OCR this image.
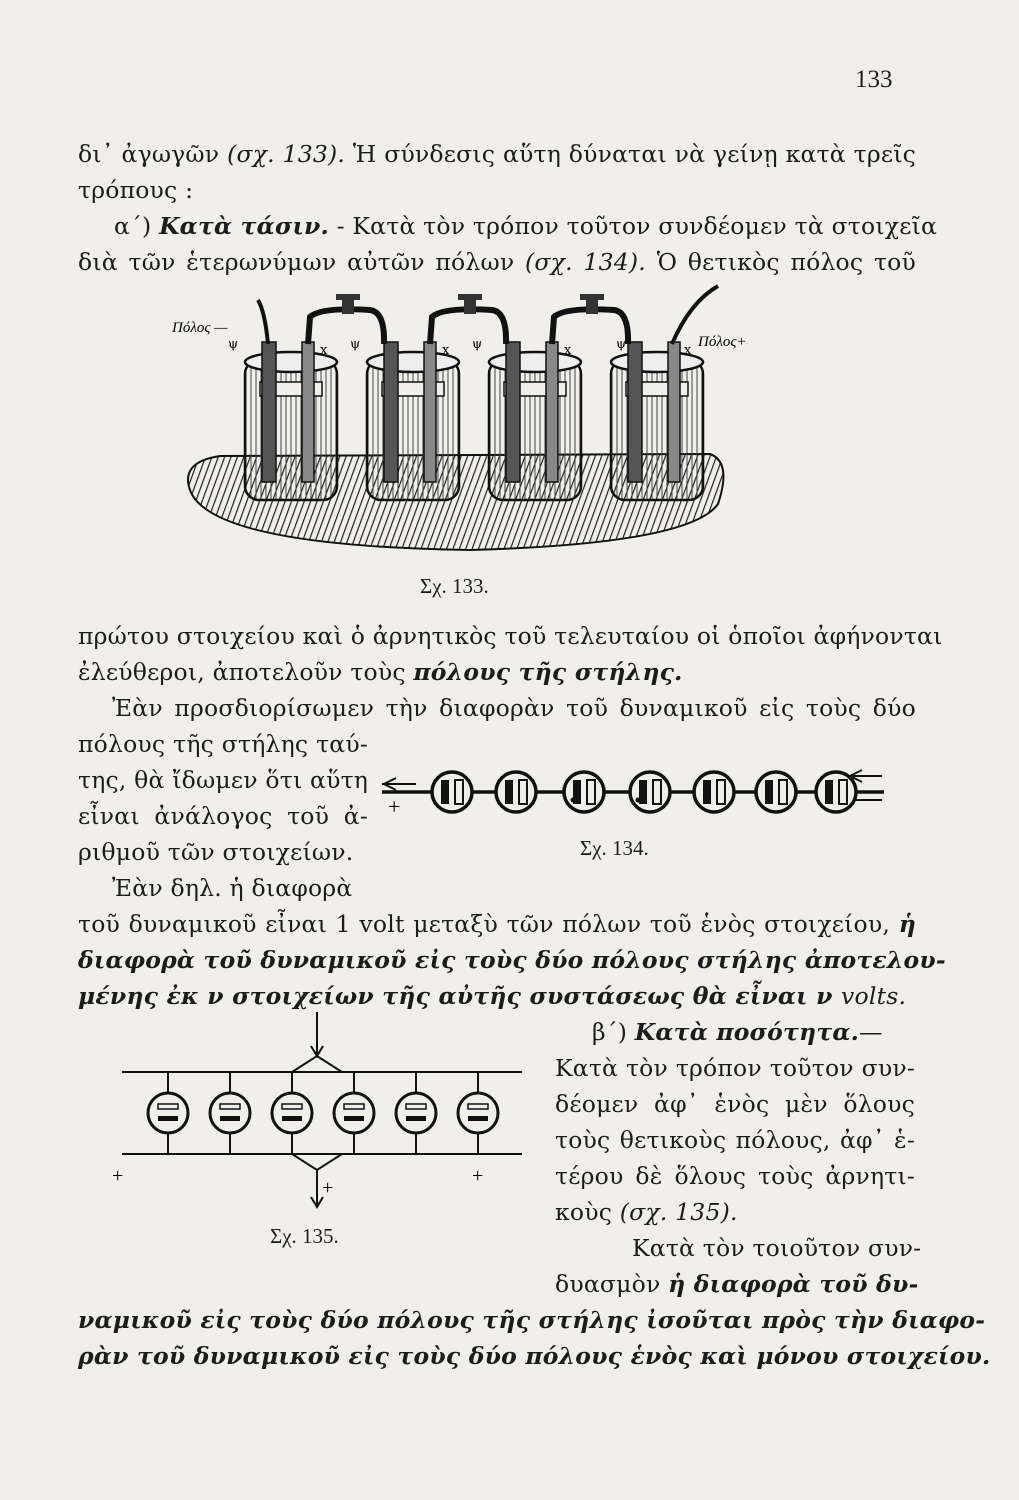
133
δι᾽ ἀγωγῶν (σχ. 133). Ἡ σύνδεσις αὕτη δύναται νὰ γείνῃ κατὰ τρεῖς
τρόπους :
α΄) Κατὰ τάσιν. - Κατὰ τὸν τρόπον τοῦτον συνδέομεν τὰ στοιχεῖα
διὰ τῶν ἑτερωνύμων αὐτῶν πόλων (σχ. 134). Ὁ θετικὸς πόλος τοῦ
Πόλος —
Πόλος+
ψ	x ψ	x ψ	x	ψ	x
Σχ. 133.
πρώτου στοιχείου καὶ ὁ ἀρνητικὸς τοῦ τελευταίου οἱ ὁποῖοι ἀφήνονται
ἐλεύθεροι, ἀποτελοῦν τοὺς πόλους τῆς στήλης.
Ἐὰν προσδιορίσωμεν τὴν διαφορὰν τοῦ δυναμικοῦ εἰς τοὺς δύο
πόλους τῆς στήλης ταύ-
της, θὰ ἴδωμεν ὅτι αὕτη
εἶναι ἀνάλογος τοῦ ἀ-
ριθμοῦ τῶν στοιχείων.
Ἐὰν δηλ. ἡ διαφορὰ
+
Σχ. 134.
τοῦ δυναμικοῦ εἶναι 1 volt μεταξὺ τῶν πόλων τοῦ ἑνὸς στοιχείου, ἡ
διαφορὰ τοῦ δυναμικοῦ εἰς τοὺς δύο πόλους στήλης ἀποτελου-
μένης ἐκ ν στοιχείων τῆς αὐτῆς συστάσεως θὰ εἶναι ν volts.
β΄) Κατὰ ποσότητα.—
Κατὰ τὸν τρόπον τοῦτον συν-
δέομεν ἀφ᾽ ἑνὸς μὲν ὅλους
τοὺς θετικοὺς πόλους, ἀφ᾽ ἑ-
τέρου δὲ ὅλους τοὺς ἀρνητι-
κοὺς (σχ. 135).
Κατὰ τὸν τοιοῦτον συν-
δυασμὸν ἡ διαφορὰ τοῦ δυ-
+	+
+
Σχ. 135.
ναμικοῦ εἰς τοὺς δύο πόλους τῆς στήλης ἰσοῦται πρὸς τὴν διαφο-
ρὰν τοῦ δυναμικοῦ εἰς τοὺς δύο πόλους ἑνὸς καὶ μόνου στοιχείου.
